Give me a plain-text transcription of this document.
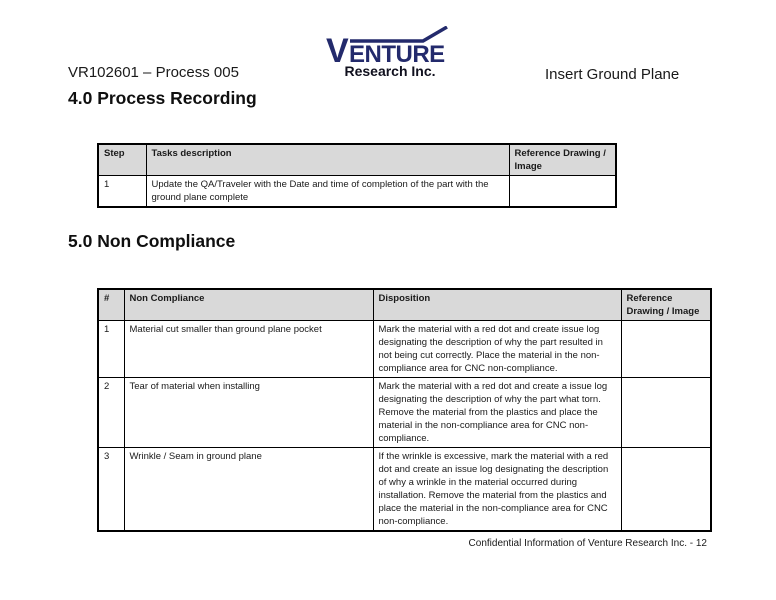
VR102601 – Process 005
V ENTURE
Research Inc.	Insert Ground Plane
4.0 Process Recording
Step	Tasks description	Reference Drawing / Image
1	Update the QA/Traveler with the Date and time of completion of the part with the ground plane complete	
5.0 Non Compliance
#	Non Compliance	Disposition	Reference Drawing / Image
1	Material cut smaller than ground plane pocket	Mark the material with a red dot and create issue log designating the description of why the part resulted in not being cut correctly. Place the material in the non-compliance area for CNC non-compliance.	
2	Tear of material when installing	Mark the material with a red dot and create a issue log designating the description of why the part what torn. Remove the material from the plastics and place the material in the non-compliance area for CNC non-compliance.	
3	Wrinkle / Seam in ground plane	If the wrinkle is excessive, mark the material with a red dot and create an issue log designating the description of why a wrinkle in the material occurred during installation. Remove the material from the plastics and place the material in the non-compliance area for CNC non-compliance.	
Confidential Information of Venture Research Inc. - 12
